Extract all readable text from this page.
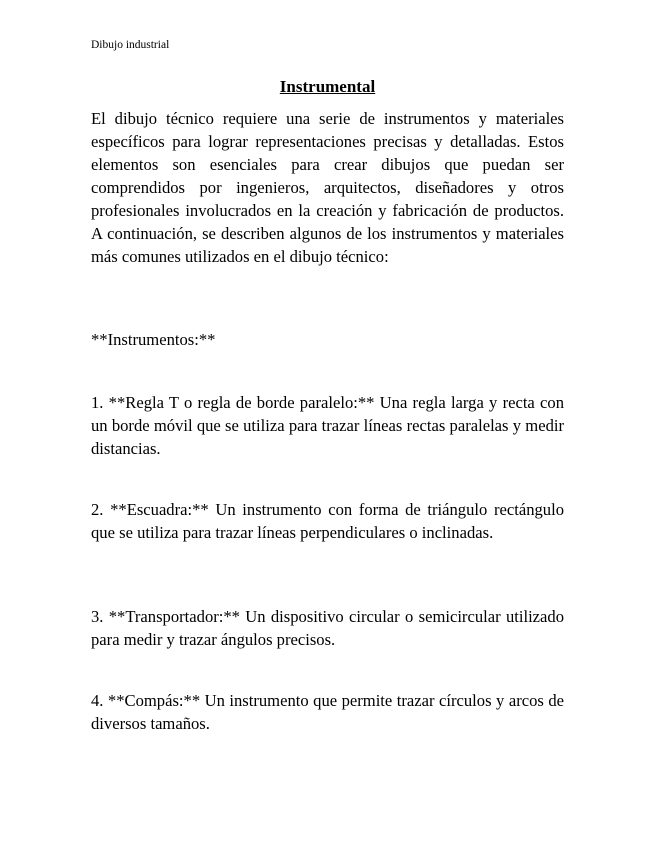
Dibujo industrial
Instrumental

El dibujo técnico requiere una serie de instrumentos y materiales específicos para lograr representaciones precisas y detalladas. Estos elementos son esenciales para crear dibujos que puedan ser comprendidos por ingenieros, arquitectos, diseñadores y otros profesionales involucrados en la creación y fabricación de productos. A continuación, se describen algunos de los instrumentos y materiales más comunes utilizados en el dibujo técnico:

**Instrumentos:**

1. **Regla T o regla de borde paralelo:** Una regla larga y recta con un borde móvil que se utiliza para trazar líneas rectas paralelas y medir distancias.

2. **Escuadra:** Un instrumento con forma de triángulo rectángulo que se utiliza para trazar líneas perpendiculares o inclinadas.

3. **Transportador:** Un dispositivo circular o semicircular utilizado para medir y trazar ángulos precisos.

4. **Compás:** Un instrumento que permite trazar círculos y arcos de diversos tamaños.
